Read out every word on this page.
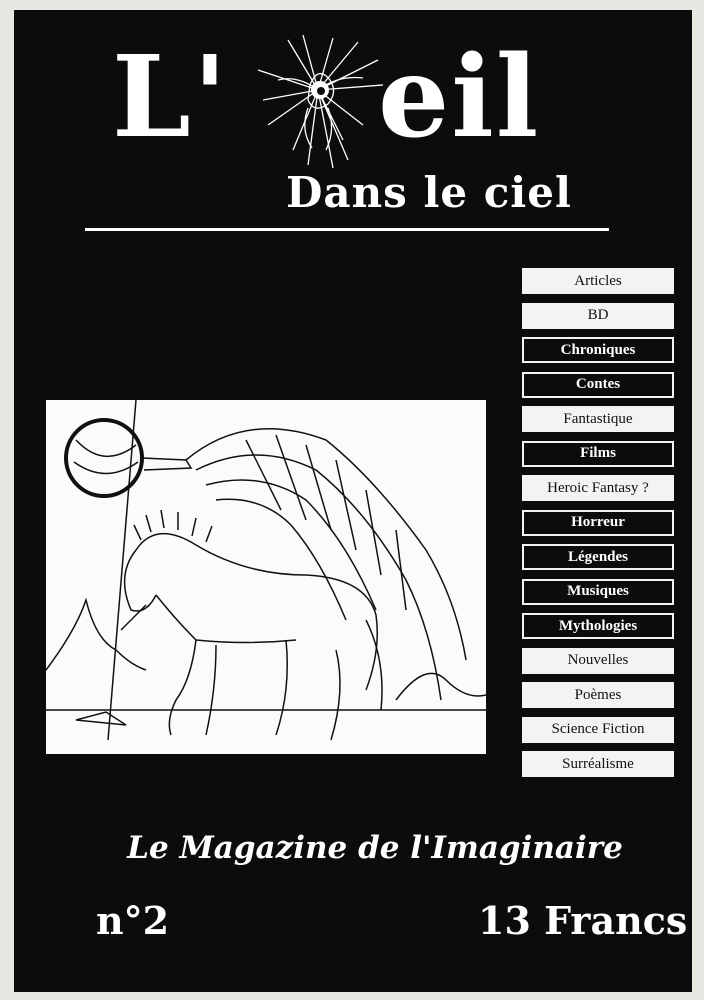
L' eil
Dans le ciel
Articles
BD
Chroniques
Contes
Fantastique
Films
Heroic Fantasy ?
Horreur
Légendes
Musiques
Mythologies
Nouvelles
Poèmes
Science Fiction
Surréalisme
Le Magazine de l'Imaginaire
n°2	13 Francs
